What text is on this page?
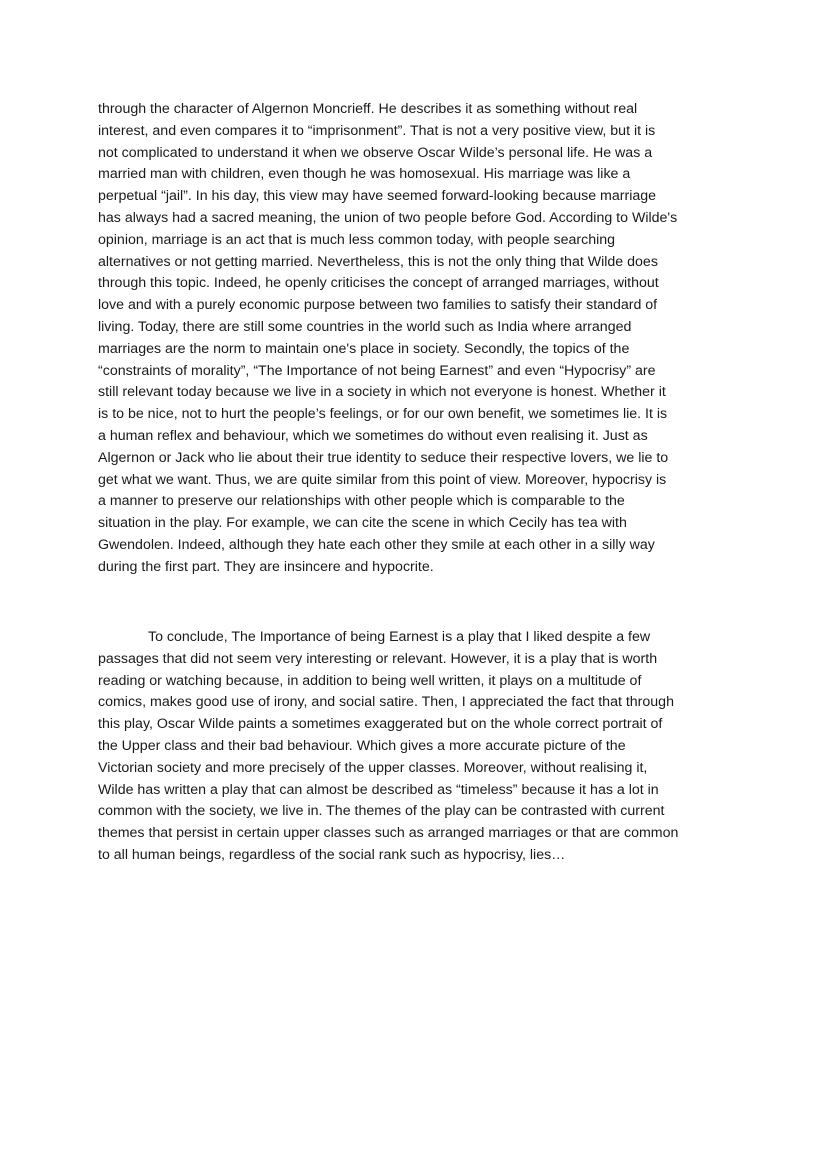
through the character of Algernon Moncrieff. He describes it as something without real
interest, and even compares it to “imprisonment”. That is not a very positive view, but it is
not complicated to understand it when we observe Oscar Wilde’s personal life. He was a
married man with children, even though he was homosexual. His marriage was like a
perpetual “jail”. In his day, this view may have seemed forward-looking because marriage
has always had a sacred meaning, the union of two people before God. According to Wilde's
opinion, marriage is an act that is much less common today, with people searching
alternatives or not getting married. Nevertheless, this is not the only thing that Wilde does
through this topic. Indeed, he openly criticises the concept of arranged marriages, without
love and with a purely economic purpose between two families to satisfy their standard of
living. Today, there are still some countries in the world such as India where arranged
marriages are the norm to maintain one's place in society. Secondly, the topics of the
“constraints of morality”, “The Importance of not being Earnest” and even “Hypocrisy” are
still relevant today because we live in a society in which not everyone is honest. Whether it
is to be nice, not to hurt the people’s feelings, or for our own benefit, we sometimes lie. It is
a human reflex and behaviour, which we sometimes do without even realising it. Just as
Algernon or Jack who lie about their true identity to seduce their respective lovers, we lie to
get what we want. Thus, we are quite similar from this point of view. Moreover, hypocrisy is
a manner to preserve our relationships with other people which is comparable to the
situation in the play. For example, we can cite the scene in which Cecily has tea with
Gwendolen. Indeed, although they hate each other they smile at each other in a silly way
during the first part. They are insincere and hypocrite.
To conclude, The Importance of being Earnest is a play that I liked despite a few
passages that did not seem very interesting or relevant. However, it is a play that is worth
reading or watching because, in addition to being well written, it plays on a multitude of
comics, makes good use of irony, and social satire. Then, I appreciated the fact that through
this play, Oscar Wilde paints a sometimes exaggerated but on the whole correct portrait of
the Upper class and their bad behaviour. Which gives a more accurate picture of the
Victorian society and more precisely of the upper classes. Moreover, without realising it,
Wilde has written a play that can almost be described as “timeless” because it has a lot in
common with the society, we live in. The themes of the play can be contrasted with current
themes that persist in certain upper classes such as arranged marriages or that are common
to all human beings, regardless of the social rank such as hypocrisy, lies…
